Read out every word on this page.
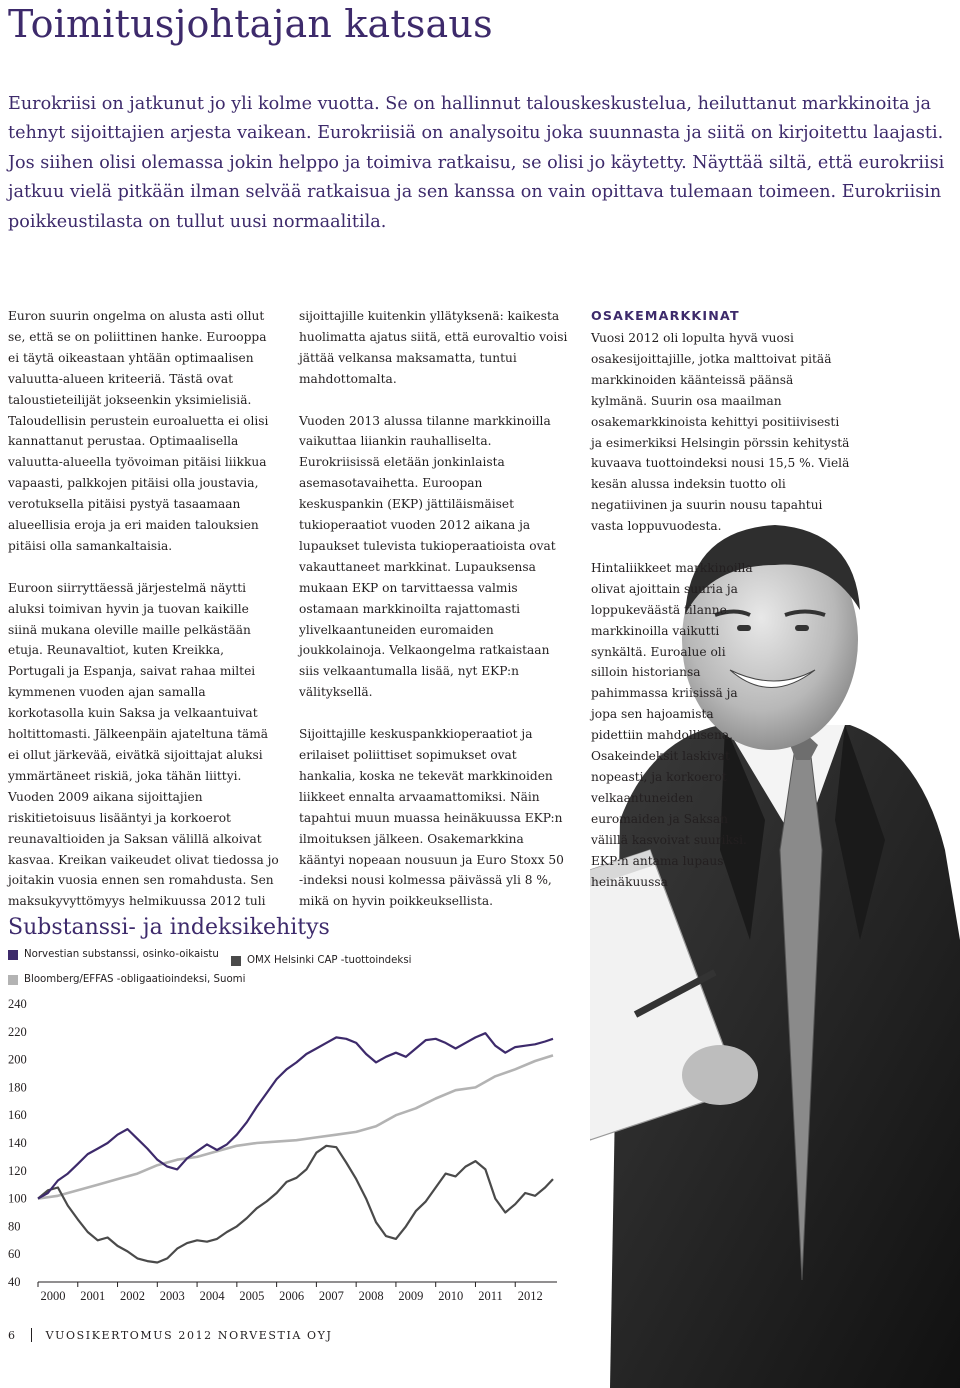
Toimitusjohtajan katsaus

Eurokriisi on jatkunut jo yli kolme vuotta. Se on hallinnut talouskeskustelua, heiluttanut markkinoita ja tehnyt sijoittajien arjesta vaikean. Eurokriisiä on analysoitu joka suunnasta ja siitä on kirjoitettu laajasti. Jos siihen olisi olemassa jokin helppo ja toimiva ratkaisu, se olisi jo käytetty. Näyttää siltä, että eurokriisi jatkuu vielä pitkään ilman selvää ratkaisua ja sen kanssa on vain opittava tulemaan toimeen. Eurokriisin poikkeustilasta on tullut uusi normaalitila.

Euron suurin ongelma on alusta asti ollut se, että se on poliittinen hanke. Eurooppa ei täytä oikeastaan yhtään optimaalisen valuutta-alueen kriteeriä. Tästä ovat taloustieteilijät jokseenkin yksimielisiä. Taloudellisin perustein euroaluetta ei olisi kannattanut perustaa. Optimaalisella valuutta-alueella työvoiman pitäisi liikkua vapaasti, palkkojen pitäisi olla joustavia, verotuksella pitäisi pystyä tasaamaan alueellisia eroja ja eri maiden talouksien pitäisi olla samankaltaisia.

Euroon siirryttäessä järjestelmä näytti aluksi toimivan hyvin ja tuovan kaikille siinä mukana oleville maille pelkästään etuja. Reunavaltiot, kuten Kreikka, Portugali ja Espanja, saivat rahaa miltei kymmenen vuoden ajan samalla korkotasolla kuin Saksa ja velkaantuivat holtittomasti. Jälkeenpäin ajateltuna tämä ei ollut järkevää, eivätkä sijoittajat aluksi ymmärtäneet riskiä, joka tähän liittyi. Vuoden 2009 aikana sijoittajien riskitietoisuus lisääntyi ja korkoerot reunavaltioiden ja Saksan välillä alkoivat kasvaa. Kreikan vaikeudet olivat tiedossa jo joitakin vuosia ennen sen romahdusta. Sen maksukyvyttömyys helmikuussa 2012 tuli

sijoittajille kuitenkin yllätyksenä: kaikesta huolimatta ajatus siitä, että eurovaltio voisi jättää velkansa maksamatta, tuntui mahdottomalta.

Vuoden 2013 alussa tilanne markkinoilla vaikuttaa liiankin rauhalliselta. Eurokriisissä eletään jonkinlaista asemasotavaihetta. Euroopan keskuspankin (EKP) jättiläismäiset tukioperaatiot vuoden 2012 aikana ja lupaukset tulevista tukioperaatioista ovat vakauttaneet markkinat. Lupauksensa mukaan EKP on tarvittaessa valmis ostamaan markkinoilta rajattomasti ylivelkaantuneiden euromaiden joukkolainoja. Velkaongelma ratkaistaan siis velkaantumalla lisää, nyt EKP:n välityksellä.

Sijoittajille keskuspankkioperaatiot ja erilaiset poliittiset sopimukset ovat hankalia, koska ne tekevät markkinoiden liikkeet ennalta arvaamattomiksi. Näin tapahtui muun muassa heinäkuussa EKP:n ilmoituksen jälkeen. Osakemarkkina kääntyi nopeaan nousuun ja Euro Stoxx 50 -indeksi nousi kolmessa päivässä yli 8 %, mikä on hyvin poikkeuksellista.

OSAKEMARKKINAT

Vuosi 2012 oli lopulta hyvä vuosi osakesijoittajille, jotka malttoivat pitää markkinoiden käänteissä päänsä kylmänä. Suurin osa maailman osakemarkkinoista kehittyi positiivisesti ja esimerkiksi Helsingin pörssin kehitystä kuvaava tuottoindeksi nousi 15,5 %. Vielä kesän alussa indeksin tuotto oli negatiivinen ja suurin nousu tapahtui vasta loppuvuodesta.

Hintaliikkeet markkinoilla olivat ajoittain suuria ja loppukeväästä tilanne markkinoilla vaikutti synkältä. Euroalue oli silloin historiansa pahimmassa kriisissä ja jopa sen hajoamista pidettiin mahdollisena. Osakeindeksit laskivat nopeasti, ja korkoerot velkaantuneiden euromaiden ja Saksan välillä kasvoivat suuriksi. EKP:n antama lupaus heinäkuussa

Substanssi- ja indeksikehitys
Norvestian substanssi, osinko-oikaistu
OMX Helsinki CAP -tuottoindeksi
Bloomberg/EFFAS -obligaatioindeksi, Suomi
240
220
200
180
160
140
120
100
80
60
40
2000 2001 2002 2003 2004 2005 2006 2007 2008 2009 2010 2011 2012
6	VUOSIKERTOMUS 2012 NORVESTIA OYJ
